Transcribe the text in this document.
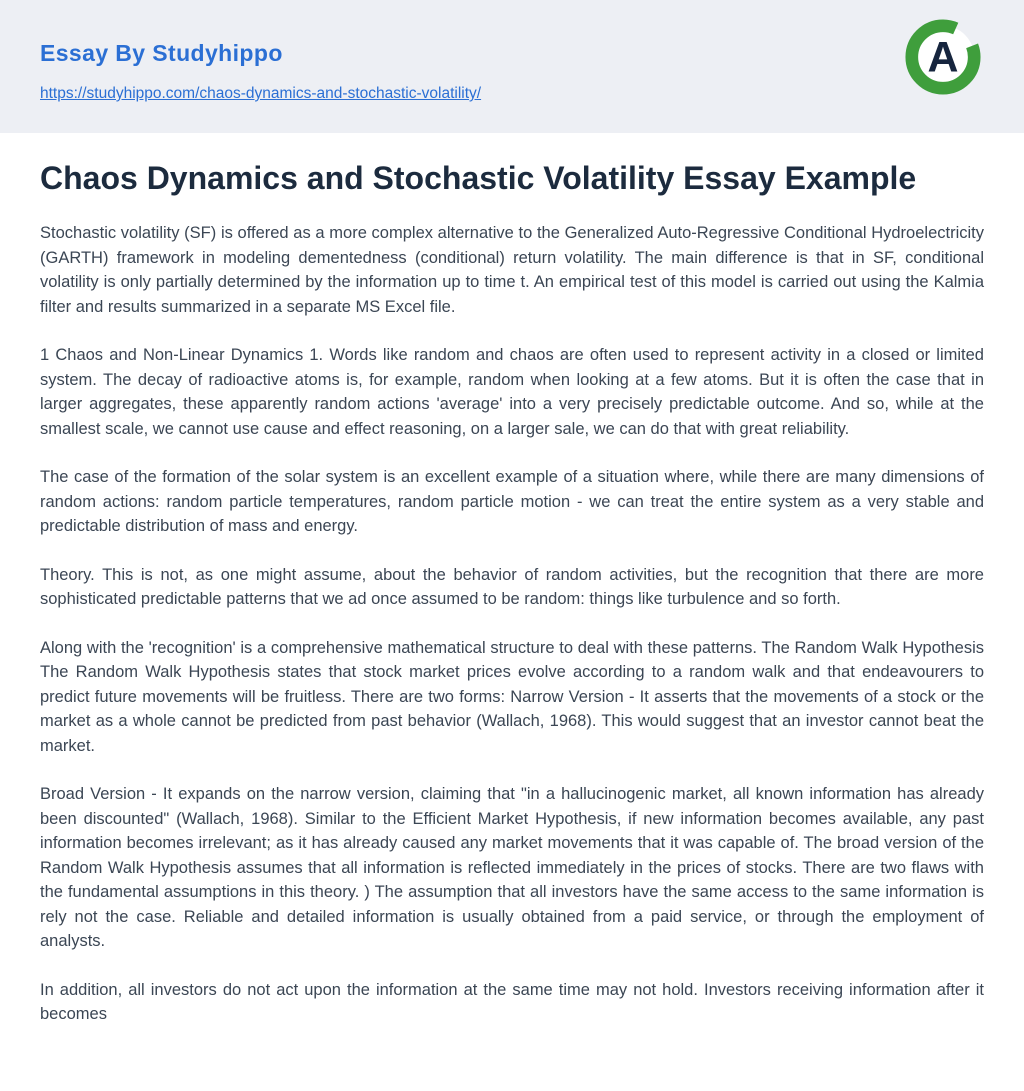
Essay By Studyhippo
https://studyhippo.com/chaos-dynamics-and-stochastic-volatility/
A
Chaos Dynamics and Stochastic Volatility Essay Example

Stochastic volatility (SF) is offered as a more complex alternative to the Generalized Auto-Regressive Conditional Hydroelectricity (GARTH) framework in modeling dementedness (conditional) return volatility. The main difference is that in SF, conditional volatility is only partially determined by the information up to time t. An empirical test of this model is carried out using the Kalmia filter and results summarized in a separate MS Excel file.

1 Chaos and Non-Linear Dynamics 1. Words like random and chaos are often used to represent activity in a closed or limited system. The decay of radioactive atoms is, for example, random when looking at a few atoms. But it is often the case that in larger aggregates, these apparently random actions 'average' into a very precisely predictable outcome. And so, while at the smallest scale, we cannot use cause and effect reasoning, on a larger sale, we can do that with great reliability.

The case of the formation of the solar system is an excellent example of a situation where, while there are many dimensions of random actions: random particle temperatures, random particle motion - we can treat the entire system as a very stable and predictable distribution of mass and energy.

Theory. This is not, as one might assume, about the behavior of random activities, but the recognition that there are more sophisticated predictable patterns that we ad once assumed to be random: things like turbulence and so forth.

Along with the 'recognition' is a comprehensive mathematical structure to deal with these patterns. The Random Walk Hypothesis The Random Walk Hypothesis states that stock market prices evolve according to a random walk and that endeavourers to predict future movements will be fruitless. There are two forms: Narrow Version - It asserts that the movements of a stock or the market as a whole cannot be predicted from past behavior (Wallach, 1968). This would suggest that an investor cannot beat the market.

Broad Version - It expands on the narrow version, claiming that "in a hallucinogenic market, all known information has already been discounted" (Wallach, 1968). Similar to the Efficient Market Hypothesis, if new information becomes available, any past information becomes irrelevant; as it has already caused any market movements that it was capable of. The broad version of the Random Walk Hypothesis assumes that all information is reflected immediately in the prices of stocks. There are two flaws with the fundamental assumptions in this theory. ) The assumption that all investors have the same access to the same information is rely not the case. Reliable and detailed information is usually obtained from a paid service, or through the employment of analysts.

In addition, all investors do not act upon the information at the same time may not hold. Investors receiving information after it becomes
